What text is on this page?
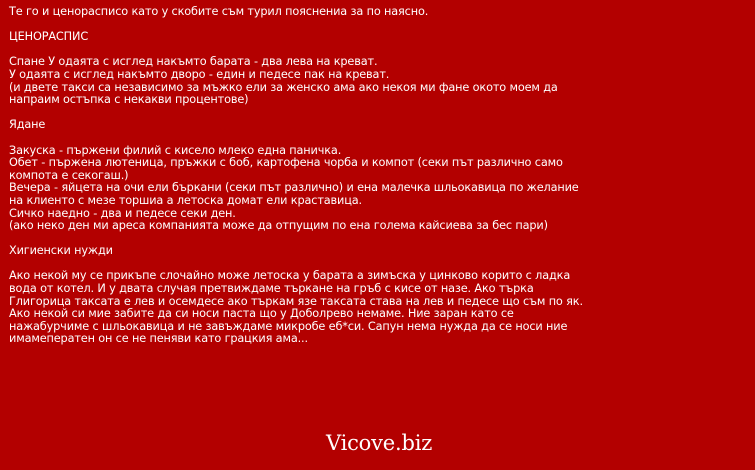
Те го и ценораспиcо като у скобите съм турил пояснениа за по наясно.
ЦЕНОРАСПИС
Спане У одаята с исглед накъмто барата - два лева на креват.
У одаята с исглед накъмто дворо - един и педесе пак на креват.
(и двете такси са независимо за мъжко ели за женско ама ако некоя ми фане окото моем да
напраим остъпка с некакви процентове)
Ядане
Закуска - пържени филий с кисело млеко една паничка.
Обет - пържена лютеница, пръжки с боб, картофена чорба и компот (секи път различно само
компота е секогаш.)
Вечера - яйцета на очи ели бъркани (секи път различно) и ена малечка шльокавица по желание
на клиенто с мезе торшиа а летоска домат ели краставица.
Сичко наедно - два и педесе секи ден.
(ако неко ден ми ареса компанията може да отпущим по ена голема кайсиева за бес пари)
Хигиенски нужди
Ако некой му се прикъпе слочайно може летоска у барата а зимъска у цинково корито с ладка
вода от котел. И у двата случая претвиждаме търкане на гръб с кисе от назе. Ако търка
Глигорица таксата е лев и осемдесе ако търкам язе таксата става на лев и педесе що съм по як.
Ако некой си мие забите да си носи паста що у Доболрево немаме. Ние заран като се
нажабурчиме с шльокавица и не завъждаме микробе еб*си. Сапун нема нужда да се носи ние
имамеператен он се не пеняви като грацкия ама...
Vicove.biz
